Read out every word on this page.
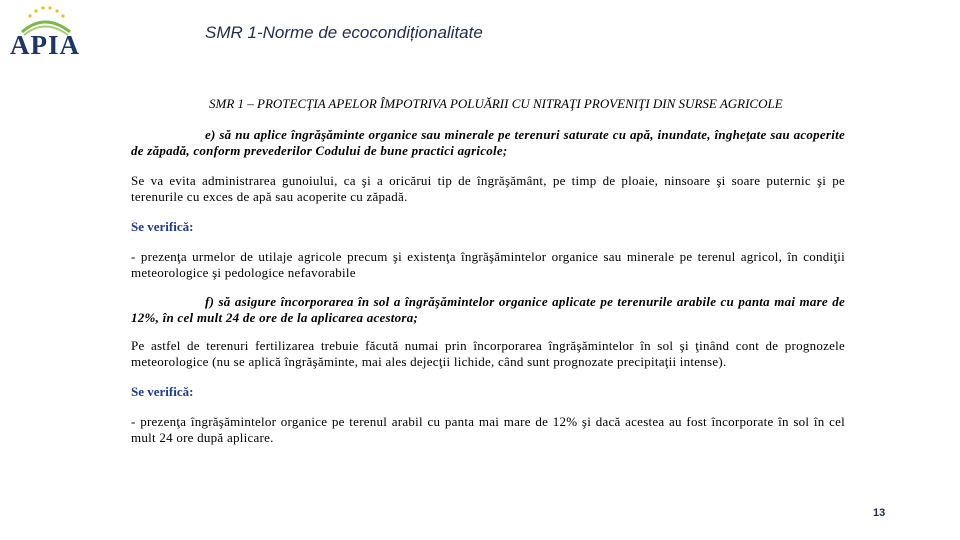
APIA	SMR 1-Norme de ecocondiționalitate

SMR 1 – PROTECŢIA APELOR ÎMPOTRIVA POLUĂRII CU NITRAŢI PROVENIŢI DIN SURSE AGRICOLE

e) să nu aplice îngrăşăminte organice sau minerale pe terenuri saturate cu apă, inundate, îngheţate sau acoperite de zăpadă, conform prevederilor Codului de bune practici agricole;

Se va evita administrarea gunoiului, ca şi a oricărui tip de îngrăşământ, pe timp de ploaie, ninsoare şi soare puternic şi pe terenurile cu exces de apă sau acoperite cu zăpadă.

Se verifică:

- prezenţa urmelor de utilaje agricole precum şi existenţa îngrăşămintelor organice sau minerale pe terenul agricol, în condiţii meteorologice şi pedologice nefavorabile

f) să asigure încorporarea în sol a îngrăşămintelor organice aplicate pe terenurile arabile cu panta mai mare de 12%, în cel mult 24 de ore de la aplicarea acestora;

Pe astfel de terenuri fertilizarea trebuie făcută numai prin încorporarea îngrăşămintelor în sol şi ţinând cont de prognozele meteorologice (nu se aplică îngrăşăminte, mai ales dejecţii lichide, când sunt prognozate precipitaţii intense).

Se verifică:

- prezenţa îngrăşămintelor organice pe terenul arabil cu panta mai mare de 12% şi dacă acestea au fost încorporate în sol în cel mult 24 ore după aplicare.

13
